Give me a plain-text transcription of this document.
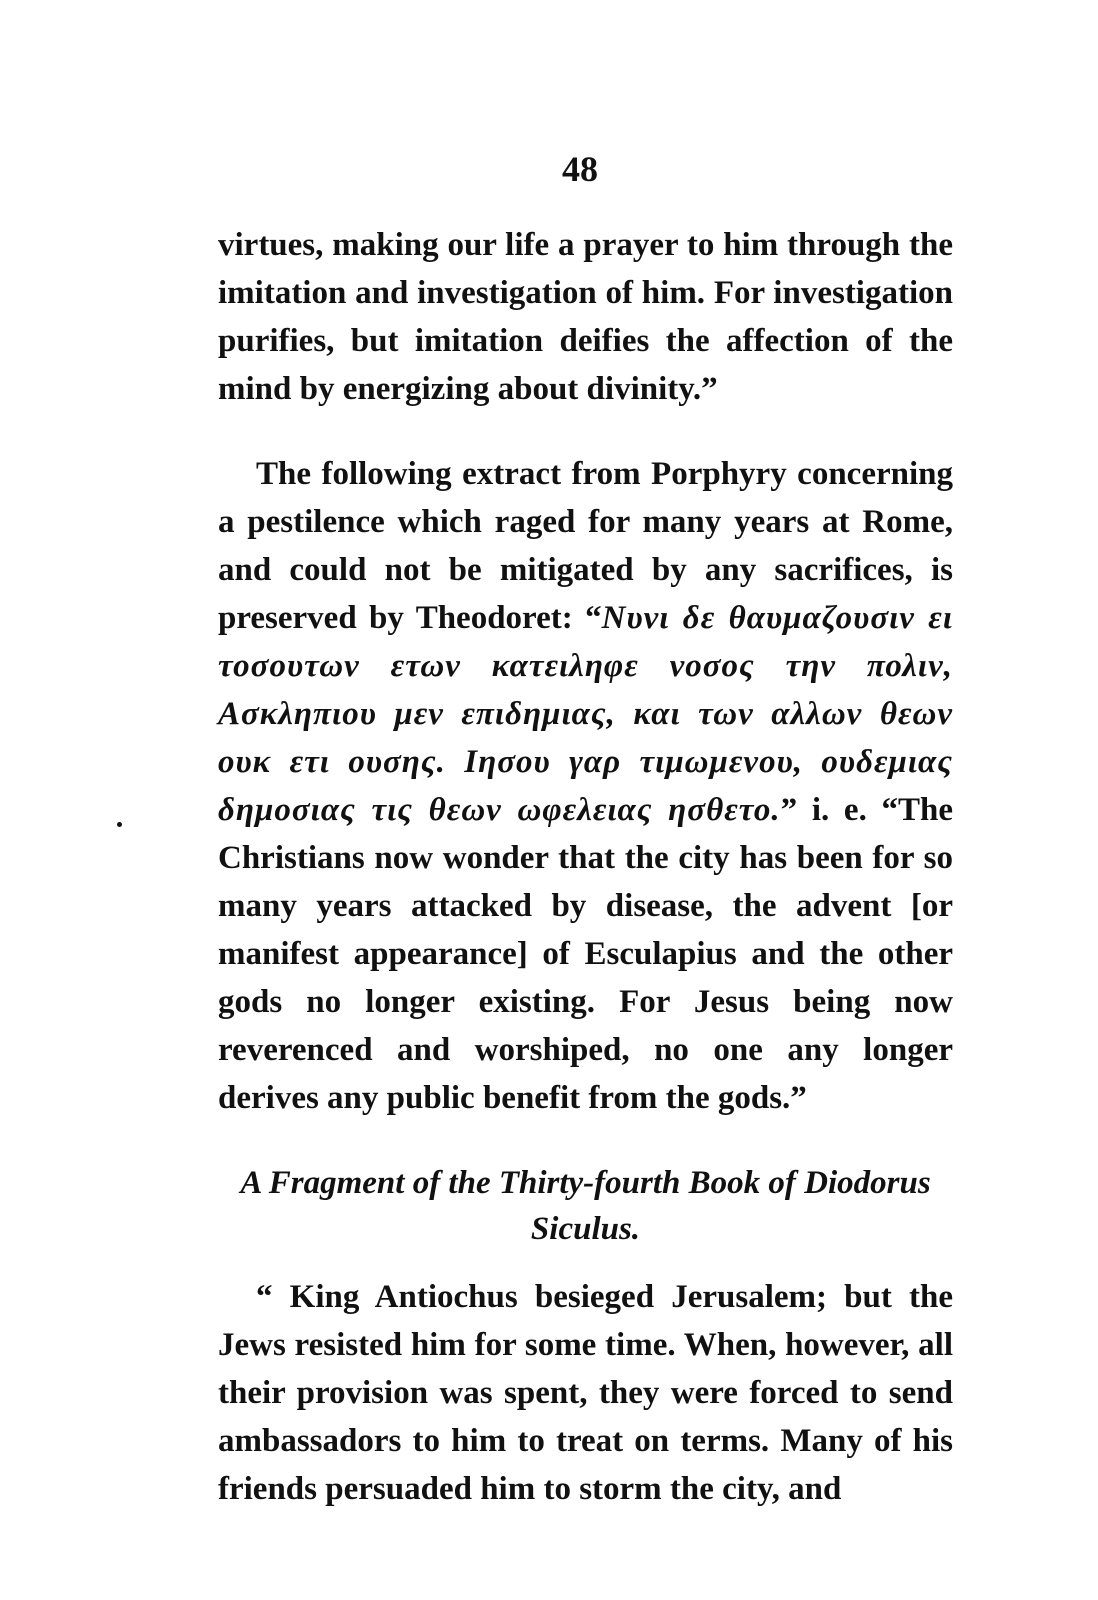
48

virtues, making our life a prayer to him through the imitation and investigation of him. For investigation purifies, but imitation deifies the affection of the mind by energizing about divinity.”

The following extract from Porphyry concerning a pestilence which raged for many years at Rome, and could not be mitigated by any sacrifices, is preserved by Theodoret: “Νυνι δε θαυμαζουσιν ει τοσουτων ετων κατειληφε νοσος την πολιν, Ασκληπιου μεν επιδημιας, και των αλλων θεων ουκ ετι ουσης. Ιησου γαρ τιμωμενου, ουδεμιας δημοσιας τις θεων ωφελειας ησθετο.” i. e. “The Christians now wonder that the city has been for so many years attacked by disease, the advent [or manifest appearance] of Esculapius and the other gods no longer existing. For Jesus being now reverenced and worshiped, no one any longer derives any public benefit from the gods.”

A Fragment of the Thirty-fourth Book of Diodorus Siculus.

“ King Antiochus besieged Jerusalem; but the Jews resisted him for some time. When, however, all their provision was spent, they were forced to send ambassadors to him to treat on terms. Many of his friends persuaded him to storm the city, and
